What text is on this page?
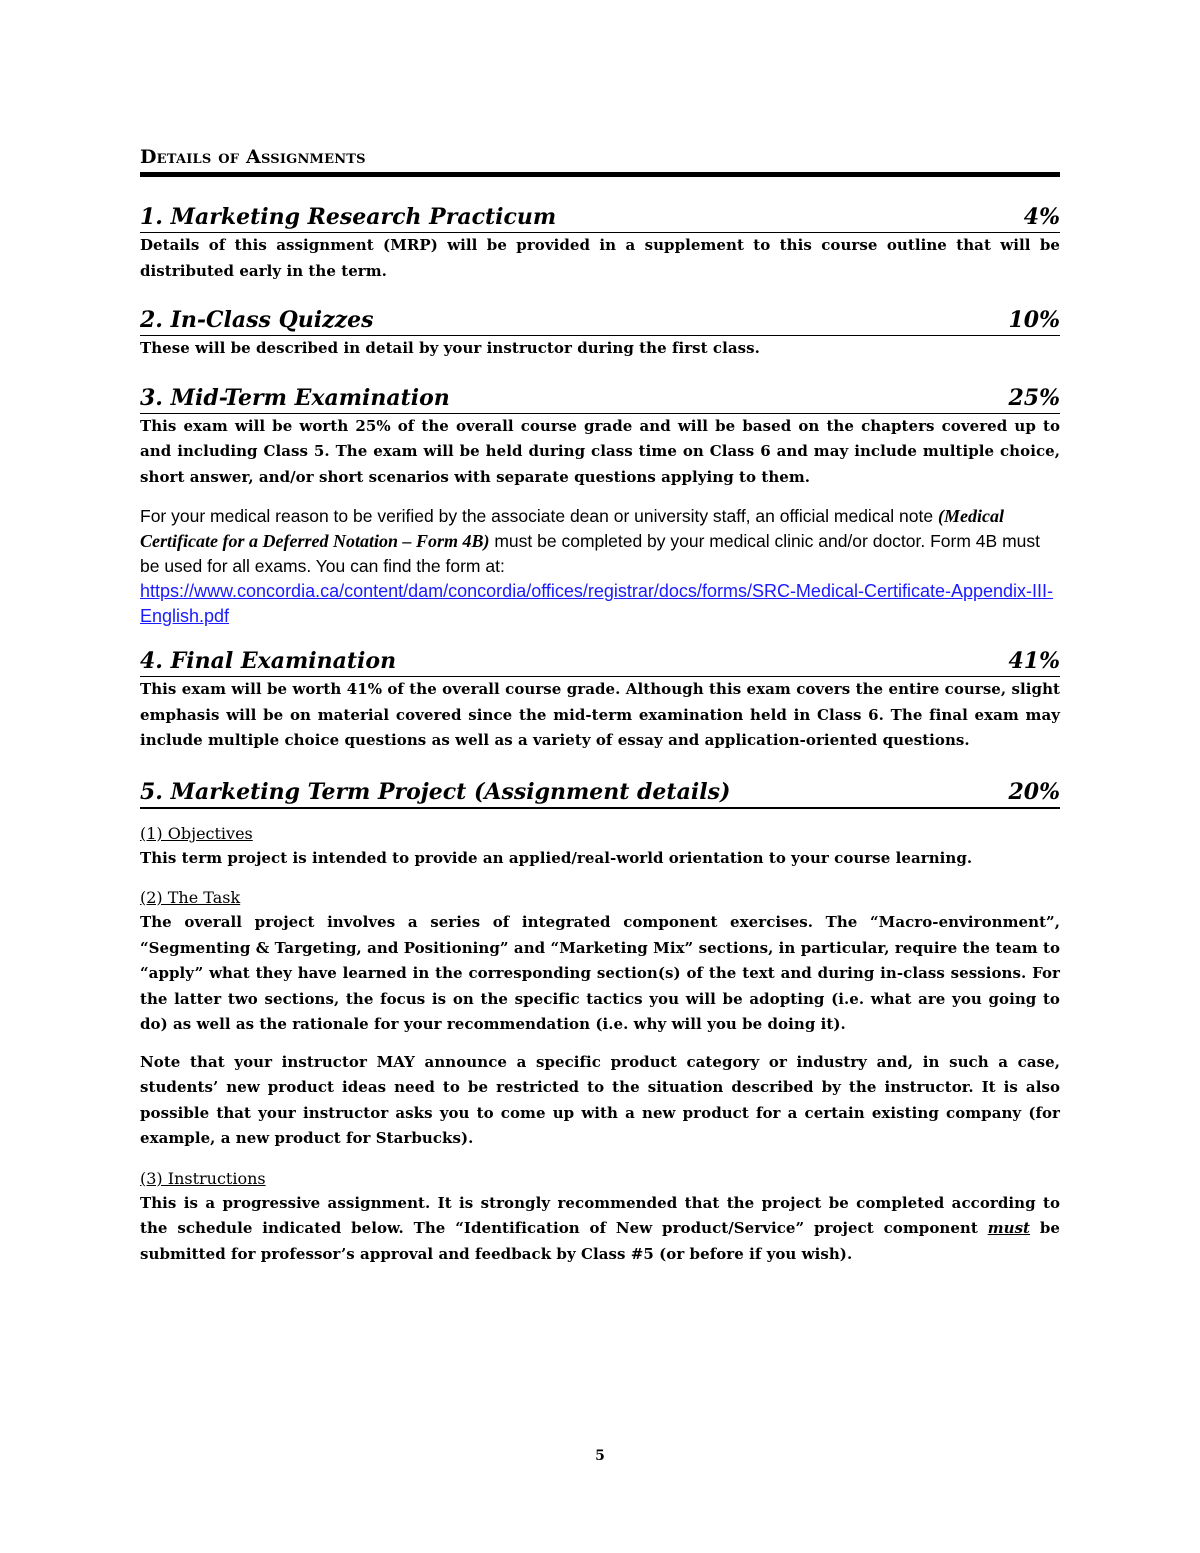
Details of Assignments
1. Marketing Research Practicum	4%

Details of this assignment (MRP) will be provided in a supplement to this course outline that will be distributed early in the term.

2. In-Class Quizzes	10%

These will be described in detail by your instructor during the first class.

3. Mid-Term Examination	25%

This exam will be worth 25% of the overall course grade and will be based on the chapters covered up to and including Class 5. The exam will be held during class time on Class 6 and may include multiple choice, short answer, and/or short scenarios with separate questions applying to them.

For your medical reason to be verified by the associate dean or university staff, an official medical note (Medical Certificate for a Deferred Notation – Form 4B) must be completed by your medical clinic and/or doctor. Form 4B must be used for all exams. You can find the form at:
https://www.concordia.ca/content/dam/concordia/offices/registrar/docs/forms/SRC-Medical-Certificate-Appendix-III-English.pdf

4. Final Examination	41%

This exam will be worth 41% of the overall course grade. Although this exam covers the entire course, slight emphasis will be on material covered since the mid-term examination held in Class 6. The final exam may include multiple choice questions as well as a variety of essay and application-oriented questions.

5. Marketing Term Project (Assignment details)	20%

(1) Objectives

This term project is intended to provide an applied/real-world orientation to your course learning.

(2) The Task

The overall project involves a series of integrated component exercises. The “Macro-environment”, “Segmenting & Targeting, and Positioning” and “Marketing Mix” sections, in particular, require the team to “apply” what they have learned in the corresponding section(s) of the text and during in-class sessions. For the latter two sections, the focus is on the specific tactics you will be adopting (i.e. what are you going to do) as well as the rationale for your recommendation (i.e. why will you be doing it).

Note that your instructor MAY announce a specific product category or industry and, in such a case, students’ new product ideas need to be restricted to the situation described by the instructor. It is also possible that your instructor asks you to come up with a new product for a certain existing company (for example, a new product for Starbucks).

(3) Instructions

This is a progressive assignment. It is strongly recommended that the project be completed according to the schedule indicated below. The “Identification of New product/Service” project component must be submitted for professor’s approval and feedback by Class #5 (or before if you wish).

5
